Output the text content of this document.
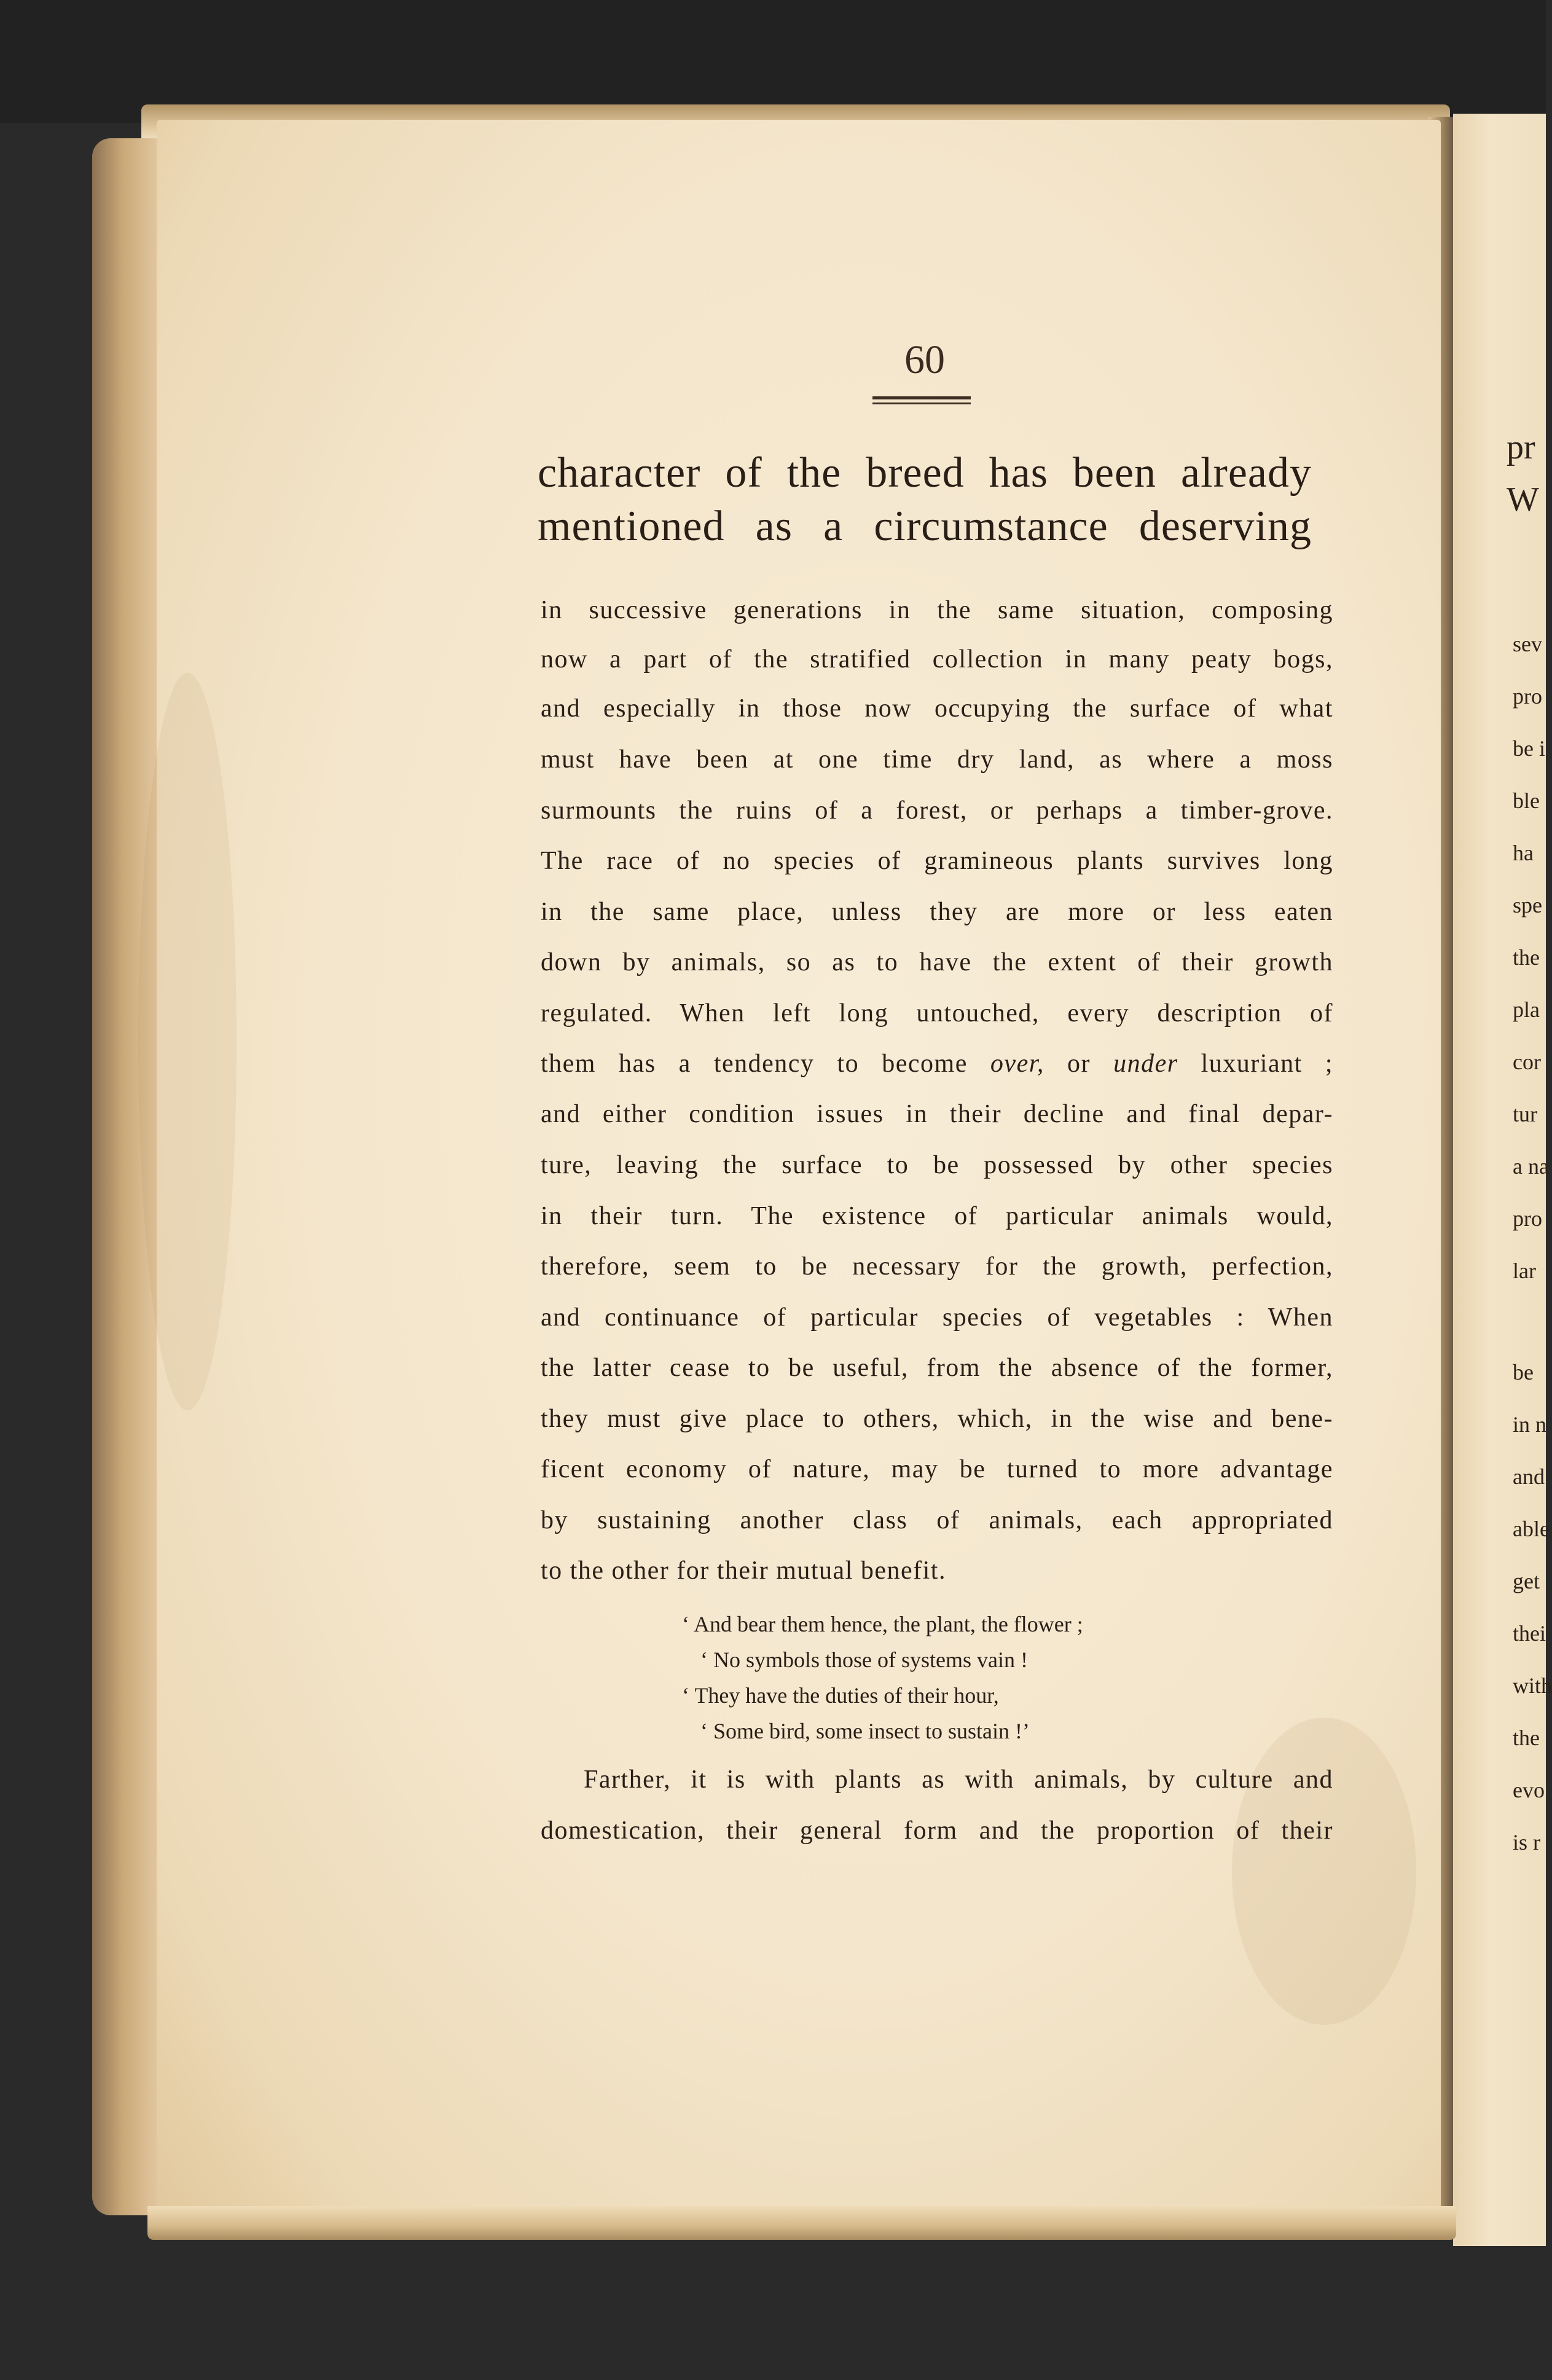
60
character of the breed has been already
mentioned as a circumstance deserving
in successive generations in the same situation, composing
now a part of the stratified collection in many peaty bogs,
and especially in those now occupying the surface of what
must have been at one time dry land, as where a moss
surmounts the ruins of a forest, or perhaps a timber-grove.
The race of no species of gramineous plants survives long
in the same place, unless they are more or less eaten
down by animals, so as to have the extent of their growth
regulated. When left long untouched, every description of
them has a tendency to become over, or under luxuriant ;
and either condition issues in their decline and final depar-
ture, leaving the surface to be possessed by other species
in their turn. The existence of particular animals would,
therefore, seem to be necessary for the growth, perfection,
and continuance of particular species of vegetables : When
the latter cease to be useful, from the absence of the former,
they must give place to others, which, in the wise and bene-
ficent economy of nature, may be turned to more advantage
by sustaining another class of animals, each appropriated
to the other for their mutual benefit.
‘ And bear them hence, the plant, the flower ;
‘ No symbols those of systems vain !
‘ They have the duties of their hour,
‘ Some bird, some insect to sustain !’
Farther, it is with plants as with animals, by culture and
domestication, their general form and the proportion of their
pr
W
sev
pro
be i
ble
ha
spe
the
pla
cor
tur
a na
pro
lar
be
in n
and
able
get
thei
with
the
evo
is r
